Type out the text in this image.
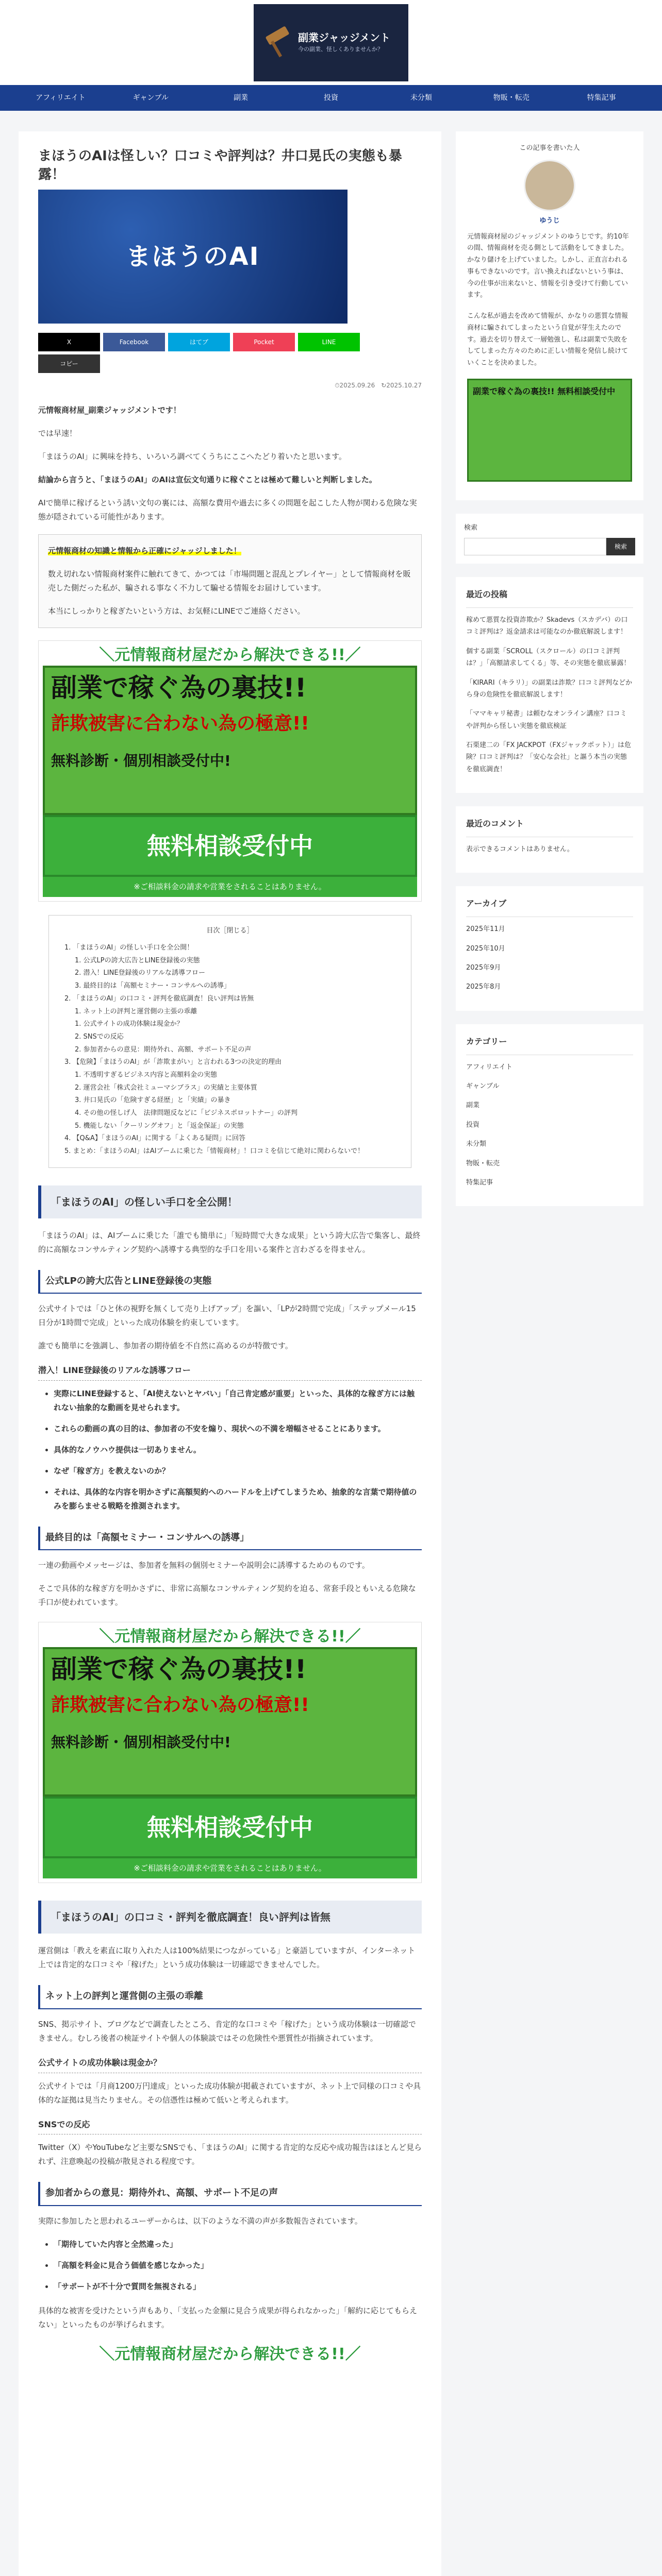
副業ジャッジメント
今の副業、怪しくありませんか？
アフィリエイト	ギャンブル	副業	投資	未分類	物販・転売	特集記事
まほうのAIは怪しい？口コミや評判は？井口晃氏の実態も暴露！
まほうのAI
X	Facebook	はてブ	Pocket	LINE
コピー
⏱2025.09.26　↻2025.10.27

元情報商材屋_副業ジャッジメントです！

では早速！

「まほうのAI」に興味を持ち、いろいろ調べてくうちにここへたどり着いたと思います。

結論から言うと、「まほうのAI」のAIは宣伝文句通りに稼ぐことは極めて難しいと判断しました。

AIで簡単に稼げるという誘い文句の裏には、高額な費用や過去に多くの問題を起こした人物が関わる危険な実態が隠されている可能性があります。

元情報商材の知識と情報から正確にジャッジしました！

数え切れない情報商材案件に触れてきて、かつては「市場問題と混乱とプレイヤー」として情報商材を販売した側だった私が、騙される事なく不力して騙せる情報をお届けしています。

本当にしっかりと稼ぎたいという方は、お気軽にLINEでご連絡ください。

＼元情報商材屋だから解決できる!!／
副業で稼ぐ為の裏技!!
詐欺被害に合わない為の極意!!
無料診断・個別相談受付中!
無料相談受付中
※ご相談料金の請求や営業をされることはありません。
目次［閉じる］
1. 「まほうのAI」の怪しい手口を全公開！
1. 公式LPの誇大広告とLINE登録後の実態
2. 潜入！LINE登録後のリアルな誘導フロー
3. 最終目的は「高額セミナー・コンサルへの誘導」
2. 「まほうのAI」の口コミ・評判を徹底調査！良い評判は皆無
1. ネット上の評判と運営側の主張の乖離
1. 公式サイトの成功体験は現金か？
2. SNSでの反応
2. 参加者からの意見：期待外れ、高額、サポート不足の声
3. 【危険】「まほうのAI」が「詐欺まがい」と言われる3つの決定的理由
1. 不透明すぎるビジネス内容と高額料金の実態
2. 運営会社「株式会社ミューマシブラス」の実績と主要体質
3. 井口晃氏の「危険すぎる経歴」と「実績」の暴き
4. その他の怪しげ人　法律問題反などに「ビジネスポロットナー」の評判
5. 機能しない「クーリングオフ」と「返金保証」の実態
4. 【Q&A】「まほうのAI」に関する「よくある疑問」に回答
5. まとめ：「まほうのAI」はAIブームに乗じた「情報商材」！口コミを信じて絶対に関わらないで！
「まほうのAI」の怪しい手口を全公開！

「まほうのAI」は、AIブームに乗じた「誰でも簡単に」「短時間で大きな成果」という誇大広告で集客し、最終的に高額なコンサルティング契約へ誘導する典型的な手口を用いる案件と言わざるを得ません。

公式LPの誇大広告とLINE登録後の実態

公式サイトでは「ひと休の視野を無くして売り上げアップ」を謳い、「LPが2時間で完成」「ステップメール15日分が1時間で完成」といった成功体験を約束しています。

誰でも簡単にを強調し、参加者の期待値を不自然に高めるのが特徴です。

潜入！LINE登録後のリアルな誘導フロー
• 実際にLINE登録すると、「AI使えないとヤバい」「自己肯定感が重要」といった、具体的な稼ぎ方には触れない抽象的な動画を見せられます。
• これらの動画の真の目的は、参加者の不安を煽り、現状への不満を増幅させることにあります。
• 具体的なノウハウ提供は一切ありません。
• なぜ「稼ぎ方」を教えないのか？
• それは、具体的な内容を明かさずに高額契約へのハードルを上げてしまうため、抽象的な言葉で期待値のみを膨らませる戦略を推測されます。
最終目的は「高額セミナー・コンサルへの誘導」

一連の動画やメッセージは、参加者を無料の個別セミナーや説明会に誘導するためのものです。

そこで具体的な稼ぎ方を明かさずに、非常に高額なコンサルティング契約を迫る、常套手段ともいえる危険な手口が使われています。

＼元情報商材屋だから解決できる!!／
副業で稼ぐ為の裏技!!
詐欺被害に合わない為の極意!!
無料診断・個別相談受付中!
無料相談受付中
※ご相談料金の請求や営業をされることはありません。
「まほうのAI」の口コミ・評判を徹底調査！良い評判は皆無

運営側は「教えを素直に取り入れた人は100%結果につながっている」と豪語していますが、インターネット上では肯定的な口コミや「稼げた」という成功体験は一切確認できませんでした。

ネット上の評判と運営側の主張の乖離

SNS、掲示サイト、ブログなどで調査したところ、肯定的な口コミや「稼げた」という成功体験は一切確認できません。むしろ後者の検証サイトや個人の体験談ではその危険性や悪質性が指摘されています。

公式サイトの成功体験は現金か？

公式サイトでは「月商1200万円達成」といった成功体験が掲載されていますが、ネット上で同様の口コミや具体的な証拠は見当たりません。その信憑性は極めて低いと考えられます。

SNSでの反応

Twitter（X）やYouTubeなど主要なSNSでも、「まほうのAI」に関する肯定的な反応や成功報告はほとんど見られず、注意喚起の投稿が散見される程度です。

参加者からの意見：期待外れ、高額、サポート不足の声

実際に参加したと思われるユーザーからは、以下のような不満の声が多数報告されています。

• 「期待していた内容と全然違った」
• 「高額を料金に見合う価値を感じなかった」
• 「サポートが不十分で質問を無視される」

具体的な被害を受けたという声もあり、「支払った金額に見合う成果が得られなかった」「解約に応じてもらえない」といったものが挙げられます。

＼元情報商材屋だから解決できる!!／
この記事を書いた人
ゆうじ

元情報商材屋のジャッジメントのゆうじです。約10年の間、情報商材を売る側として活動をしてきました。かなり儲けを上げていました。しかし、正直言われる事もできないのです。言い換えればないという事は、今の仕事が出来ないと、情報を引き受けて行動しています。

こんな私が過去を改めて情報が、かなりの悪質な情報商材に騙されてしまったという自覚が芽生えたのです。過去を切り替えて一層勉強し、私は副業で失敗をしてしまった方々のために正しい情報を発信し続けていくことを決めました。

副業で稼ぐ為の裏技!! 無料相談受付中
検索
検索
最近の投稿
稼めて悪質な投資詐欺か？Skadevs（スカデバ）の口コミ評判は？返金請求は可能なのか徹底解説します！
個する副業「SCROLL（スクロール）の口コミ評判は？」「高額請求してくる」等、その実態を徹底暴露！
「KIRARI（キラリ）」の副業は詐欺？口コミ評判などから身の危険性を徹底解説します！
「ママキャリ秘書」は頼むなオンライン講座？口コミや評判から怪しい実態を徹底検証
石栗建二の「FX JACKPOT（FXジャックポット）」は危険？口コミ評判は？「安心な会社」と謳う本当の実態を徹底調査！
最近のコメント
表示できるコメントはありません。
アーカイブ
2025年11月
2025年10月
2025年9月
2025年8月
カテゴリー
アフィリエイト
ギャンブル
副業
投資
未分類
物販・転売
特集記事
